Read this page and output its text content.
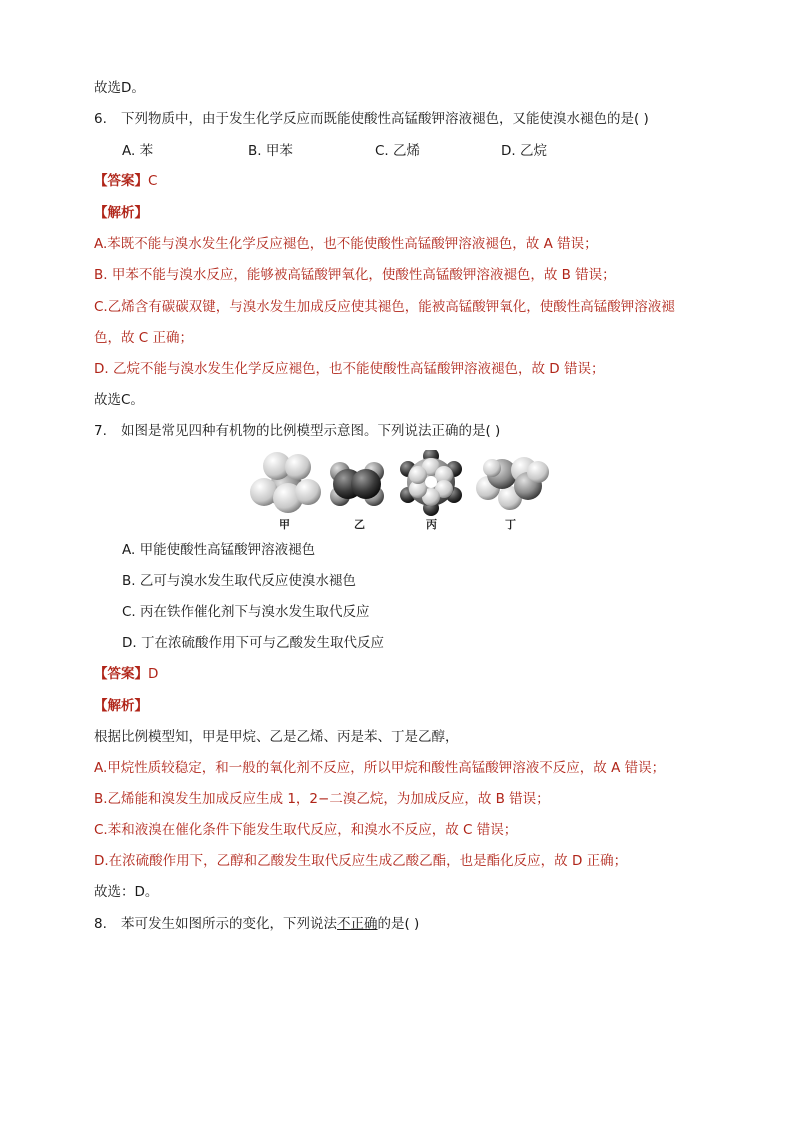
故选D。
6. 下列物质中，由于发生化学反应而既能使酸性高锰酸钾溶液褪色，又能使溴水褪色的是( )
A. 苯	B. 甲苯	C. 乙烯	D. 乙烷
【答案】C
【解析】
A.苯既不能与溴水发生化学反应褪色，也不能使酸性高锰酸钾溶液褪色，故 A 错误；
B. 甲苯不能与溴水反应，能够被高锰酸钾氧化，使酸性高锰酸钾溶液褪色，故 B 错误；
C.乙烯含有碳碳双键，与溴水发生加成反应使其褪色，能被高锰酸钾氧化，使酸性高锰酸钾溶液褪
色，故 C 正确；
D. 乙烷不能与溴水发生化学反应褪色，也不能使酸性高锰酸钾溶液褪色，故 D 错误；
故选C。
7. 如图是常见四种有机物的比例模型示意图。下列说法正确的是( )
甲	乙	丙	丁
A. 甲能使酸性高锰酸钾溶液褪色
B. 乙可与溴水发生取代反应使溴水褪色
C. 丙在铁作催化剂下与溴水发生取代反应
D. 丁在浓硫酸作用下可与乙酸发生取代反应
【答案】D
【解析】
根据比例模型知，甲是甲烷、乙是乙烯、丙是苯、丁是乙醇，
A.甲烷性质较稳定，和一般的氧化剂不反应，所以甲烷和酸性高锰酸钾溶液不反应，故 A 错误；
B.乙烯能和溴发生加成反应生成 1，2−二溴乙烷，为加成反应，故 B 错误；
C.苯和液溴在催化条件下能发生取代反应，和溴水不反应，故 C 错误；
D.在浓硫酸作用下，乙醇和乙酸发生取代反应生成乙酸乙酯，也是酯化反应，故 D 正确；
故选：D。
8. 苯可发生如图所示的变化，下列说法不正确的是( )
